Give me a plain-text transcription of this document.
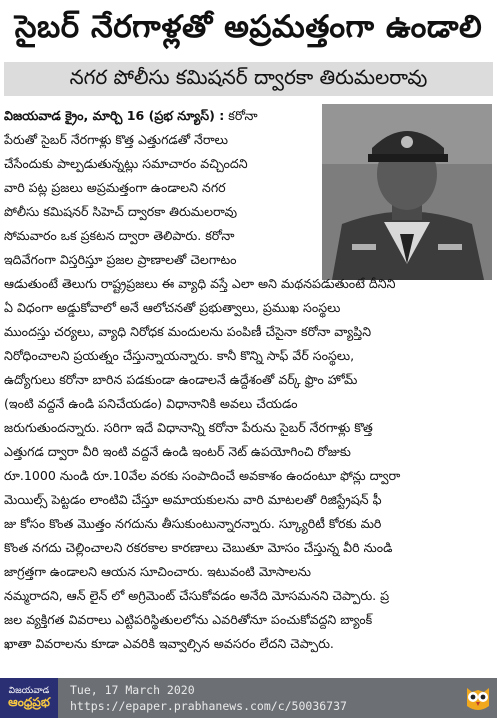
సైబర్ నేరగాళ్లతో అప్రమత్తంగా ఉండాలి
నగర పోలీసు కమిషనర్ ద్వారకా తిరుమలరావు
విజయవాడ క్రైం, మార్చి 16 (ప్రభ న్యూస్) : కరోనా
పేరుతో సైబర్ నేరగాళ్లు కొత్త ఎత్తుగడతో నేరాలు
చేసేందుకు పాల్పడుతున్నట్లు సమాచారం వచ్చిందని
వారి పట్ల ప్రజలు అప్రమత్తంగా ఉండాలని నగర
పోలీసు కమిషనర్ సిహెచ్ ద్వారకా తిరుమలరావు
సోమవారం ఒక ప్రకటన ద్వారా తెలిపారు. కరోనా
ఇదివేగంగా విస్తరిస్తూ ప్రజల ప్రాణాలతో చెలగాటం
ఆడుతుంటే తెలుగు రాష్ట్రప్రజలు ఈ వ్యాధి వస్తే ఎలా అని మథనపడుతుంటే దీనిని
ఏ విధంగా అడ్డుకోవాలో అనే ఆలోచనతో ప్రభుత్వాలు, ప్రముఖ సంస్థలు
ముందస్తు చర్యలు, వ్యాధి నిరోధక మందులను పంపిణీ చేసైనా కరోనా వ్యాప్తిని
నిరోధించాలని ప్రయత్నం చేస్తున్నాయన్నారు. కానీ కొన్ని సాఫ్ వేర్ సంస్థలు,
ఉద్యోగులు కరోనా బారిన పడకుండా ఉండాలనే ఉద్దేశంతో వర్క్ ఫ్రొం హోమ్
(ఇంటి వద్దనే ఉండి పనిచేయడం) విధానానికి అవలు చేయడం
జరుగుతుందన్నారు. సరిగా ఇదే విధానాన్ని కరోనా పేరును సైబర్ నేరగాళ్లు కొత్త
ఎత్తుగడ ద్వారా వీరి ఇంటి వద్దనే ఉండి ఇంటర్ నెట్ ఉపయోగించి రోజుకు
రూ.1000 నుండి రూ.10వేల వరకు సంపాదించే అవకాశం ఉందంటూ ఫోన్లు ద్వారా
మెయిల్స్ పెట్టడం లాంటివి చేస్తూ అమాయకులను వారి మాటలతో రిజిస్ట్రేషన్ ఫీ
జు కోసం కొంత మొత్తం నగదును తీసుకుంటున్నారన్నారు. స్క్యూరిటీ కోరకు మరి
కొంత నగదు చెల్లించాలని రకరకాల కారణాలు చెబుతూ మోసం చేస్తున్న వీరి నుండి
జాగ్రత్తగా ఉండాలని ఆయన సూచించారు. ఇటువంటి మోసాలను
నమ్మరాదని, ఆన్ లైన్ లో అగ్రిమెంట్ చేసుకోవడం అనేది మోసమనని చెప్పారు. ప్ర
జల వ్యక్తిగత వివరాలు ఎట్టిపరిస్థితులలోను ఎవరితోనూ పంచుకోవద్దని బ్యాంక్
ఖాతా వివరాలను కూడా ఎవరికి ఇవ్వాల్సిన అవసరం లేదని చెప్పారు.
విజయవాడ
ఆంధ్రప్రభ
Tue, 17 March 2020
https://epaper.prabhanews.com/c/50036737
